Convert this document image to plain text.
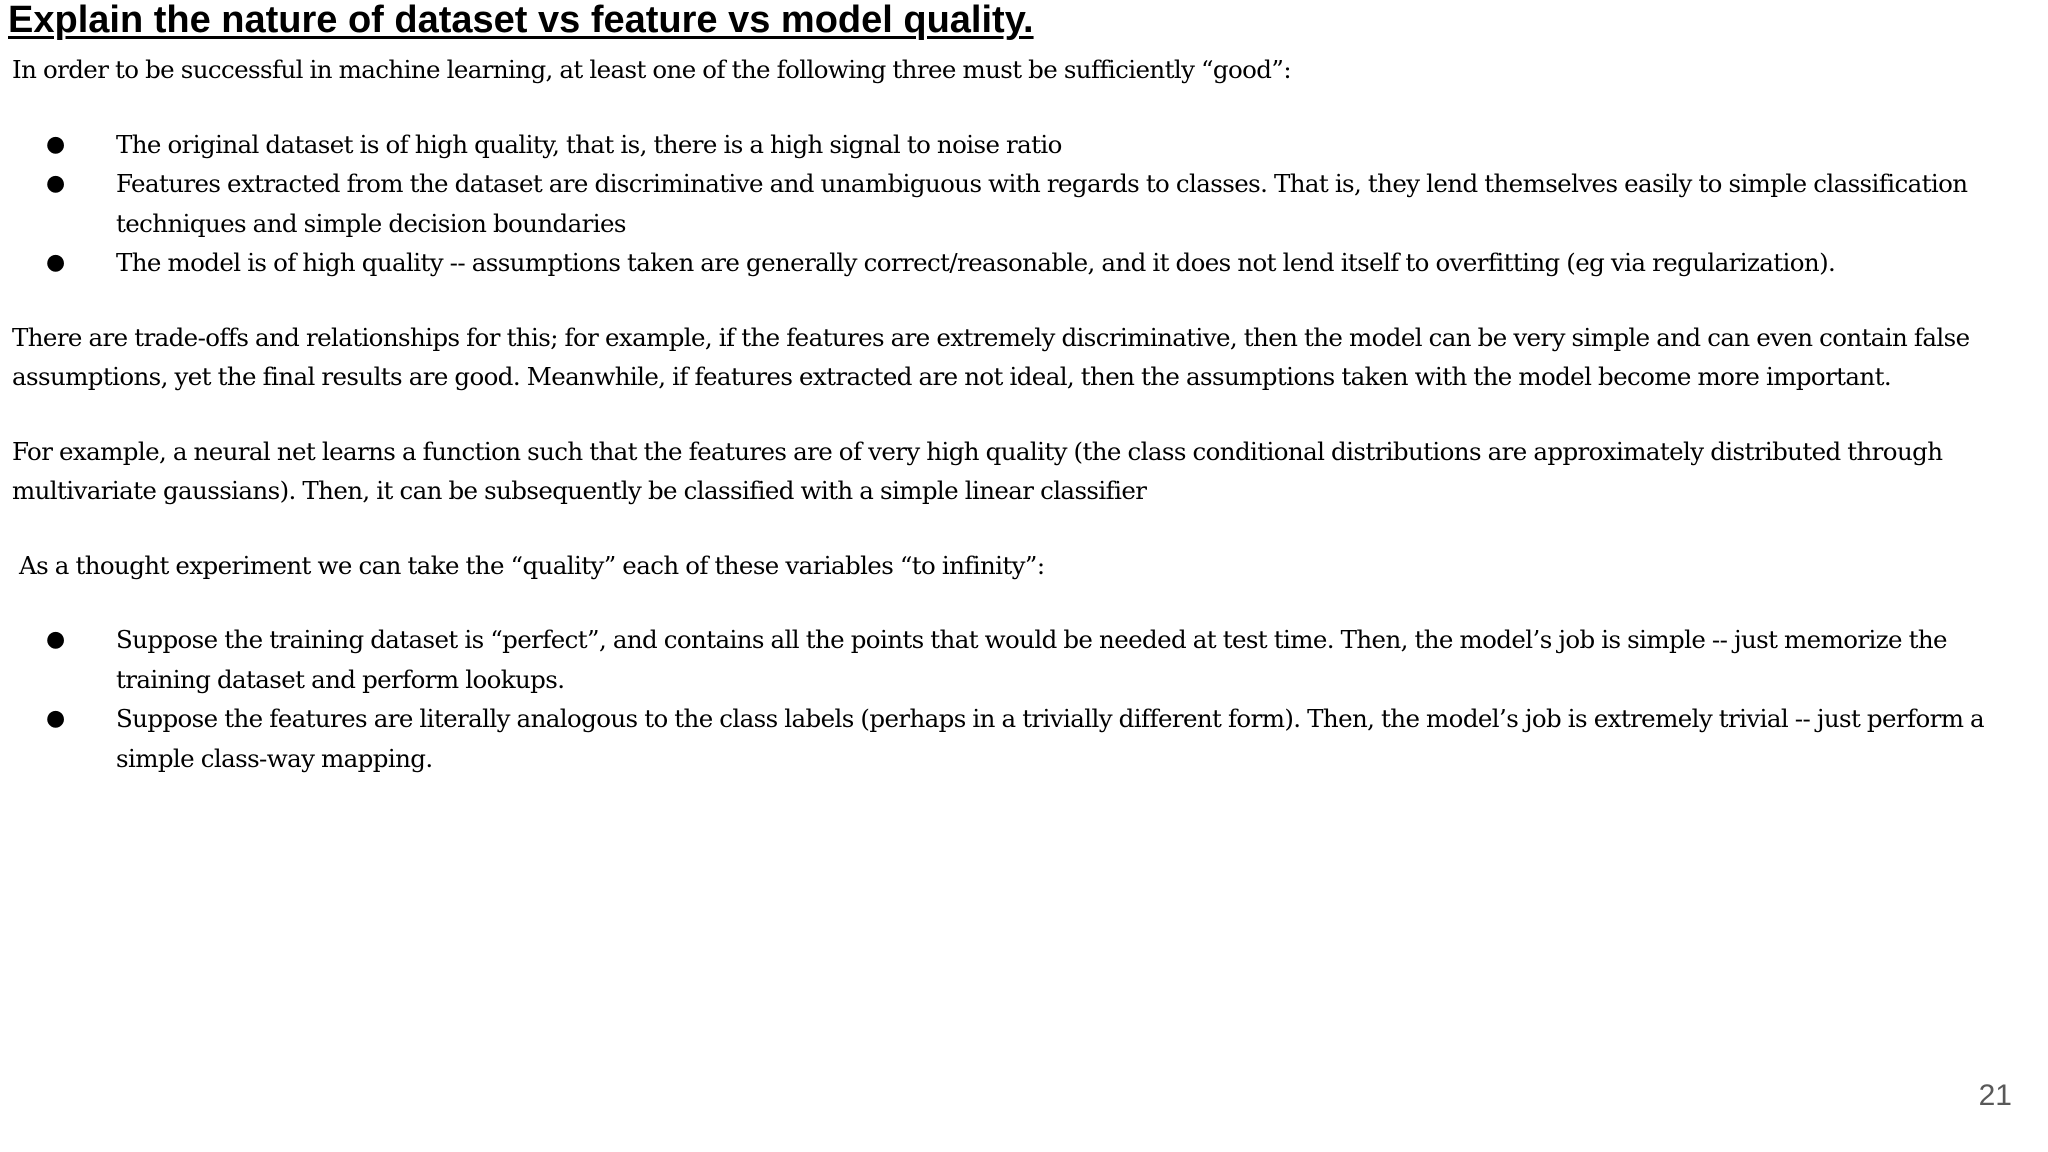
Explain the nature of dataset vs feature vs model quality.

In order to be successful in machine learning, at least one of the following three must be sufficiently “good”:

● The original dataset is of high quality, that is, there is a high signal to noise ratio
● Features extracted from the dataset are discriminative and unambiguous with regards to classes. That is, they lend themselves easily to simple classification techniques and simple decision boundaries
● The model is of high quality -- assumptions taken are generally correct/reasonable, and it does not lend itself to overfitting (eg via regularization).

There are trade-offs and relationships for this; for example, if the features are extremely discriminative, then the model can be very simple and can even contain false assumptions, yet the final results are good. Meanwhile, if features extracted are not ideal, then the assumptions taken with the model become more important.

For example, a neural net learns a function such that the features are of very high quality (the class conditional distributions are approximately distributed through multivariate gaussians). Then, it can be subsequently be classified with a simple linear classifier

As a thought experiment we can take the “quality” each of these variables “to infinity”:

● Suppose the training dataset is “perfect”, and contains all the points that would be needed at test time. Then, the model’s job is simple -- just memorize the training dataset and perform lookups.
● Suppose the features are literally analogous to the class labels (perhaps in a trivially different form). Then, the model’s job is extremely trivial -- just perform a simple class-way mapping.
21
